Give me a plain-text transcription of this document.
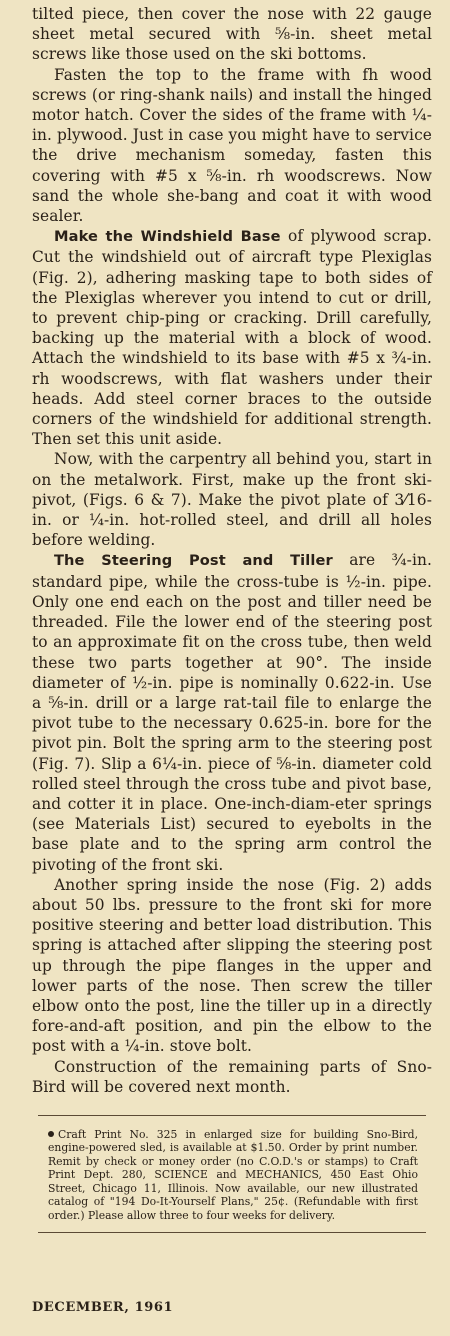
tilted piece, then cover the nose with 22 gauge sheet metal secured with ⅝-in. sheet metal screws like those used on the ski bottoms.

Fasten the top to the frame with fh wood screws (or ring-shank nails) and install the hinged motor hatch. Cover the sides of the frame with ¼-in. plywood. Just in case you might have to service the drive mechanism someday, fasten this covering with #5 x ⅝-in. rh woodscrews. Now sand the whole she-bang and coat it with wood sealer.

Make the Windshield Base of plywood scrap. Cut the windshield out of aircraft type Plexiglas (Fig. 2), adhering masking tape to both sides of the Plexiglas wherever you intend to cut or drill, to prevent chip-ping or cracking. Drill carefully, backing up the material with a block of wood. Attach the windshield to its base with #5 x ¾-in. rh woodscrews, with flat washers under their heads. Add steel corner braces to the outside corners of the windshield for additional strength. Then set this unit aside.

Now, with the carpentry all behind you, start in on the metalwork. First, make up the front ski-pivot, (Figs. 6 & 7). Make the pivot plate of 3⁄16-in. or ¼-in. hot-rolled steel, and drill all holes before welding.

The Steering Post and Tiller are ¾-in. standard pipe, while the cross-tube is ½-in. pipe. Only one end each on the post and tiller need be threaded. File the lower end of the steering post to an approximate fit on the cross tube, then weld these two parts together at 90°. The inside diameter of ½-in. pipe is nominally 0.622-in. Use a ⅝-in. drill or a large rat-tail file to enlarge the pivot tube to the necessary 0.625-in. bore for the pivot pin. Bolt the spring arm to the steering post (Fig. 7). Slip a 6¼-in. piece of ⅝-in. diameter cold rolled steel through the cross tube and pivot base, and cotter it in place. One-inch-diam-eter springs (see Materials List) secured to eyebolts in the base plate and to the spring arm control the pivoting of the front ski.

Another spring inside the nose (Fig. 2) adds about 50 lbs. pressure to the front ski for more positive steering and better load distribution. This spring is attached after slipping the steering post up through the pipe flanges in the upper and lower parts of the nose. Then screw the tiller elbow onto the post, line the tiller up in a directly fore-and-aft position, and pin the elbow to the post with a ¼-in. stove bolt.

Construction of the remaining parts of Sno-Bird will be covered next month.

Craft Print No. 325 in enlarged size for building Sno-Bird, engine-powered sled, is available at $1.50. Order by print number. Remit by check or money order (no C.O.D.'s or stamps) to Craft Print Dept. 280, SCIENCE and MECHANICS, 450 East Ohio Street, Chicago 11, Illinois. Now available, our new illustrated catalog of "194 Do-It-Yourself Plans," 25¢. (Refundable with first order.) Please allow three to four weeks for delivery.
DECEMBER, 1961
